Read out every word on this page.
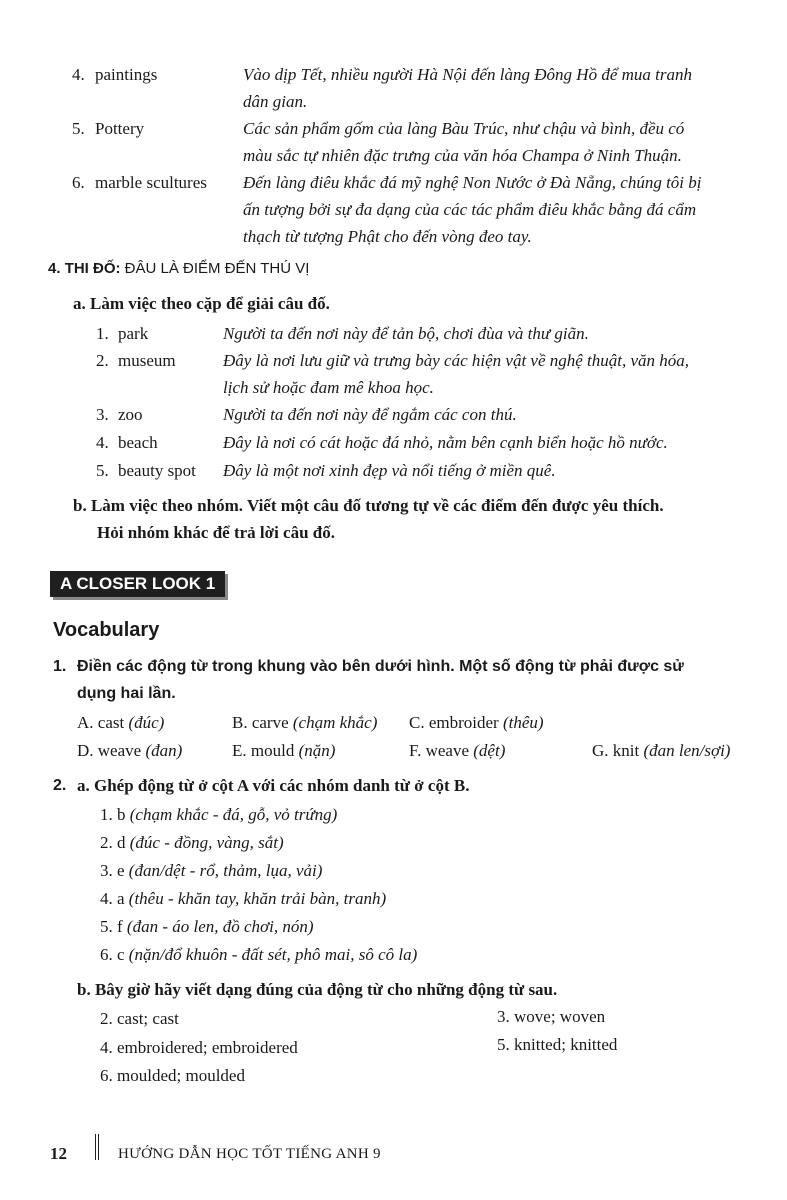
4. paintings	Vào dịp Tết, nhiều người Hà Nội đến làng Đông Hồ để mua tranh
dân gian.
5. Pottery	Các sản phẩm gốm của làng Bàu Trúc, như chậu và bình, đều có
màu sắc tự nhiên đặc trưng của văn hóa Champa ở Ninh Thuận.
6. marble scultures Đến làng điêu khắc đá mỹ nghệ Non Nước ở Đà Nẵng, chúng tôi bị
ấn tượng bởi sự đa dạng của các tác phẩm điêu khắc bằng đá cẩm
thạch từ tượng Phật cho đến vòng đeo tay.
4. THI ĐỐ: ĐÂU LÀ ĐIỂM ĐẾN THÚ VỊ
a. Làm việc theo cặp để giải câu đố.
1. park	Người ta đến nơi này để tản bộ, chơi đùa và thư giãn.
2. museum	Đây là nơi lưu giữ và trưng bày các hiện vật về nghệ thuật, văn hóa,
lịch sử hoặc đam mê khoa học.
3. zoo	Người ta đến nơi này để ngắm các con thú.
4. beach	Đây là nơi có cát hoặc đá nhỏ, nằm bên cạnh biển hoặc hồ nước.
5. beauty spot Đây là một nơi xinh đẹp và nổi tiếng ở miền quê.
b. Làm việc theo nhóm. Viết một câu đố tương tự về các điểm đến được yêu thích.
Hỏi nhóm khác để trả lời câu đố.
A CLOSER LOOK 1
Vocabulary
1. Điền các động từ trong khung vào bên dưới hình. Một số động từ phải được sử
dụng hai lần.
A. cast (đúc)	B. carve (chạm khắc) C. embroider (thêu)
D. weave (đan)	E. mould (nặn)	F. weave (dệt)	G. knit (đan len/sợi)
2. a. Ghép động từ ở cột A với các nhóm danh từ ở cột B.
1. b (chạm khắc - đá, gỗ, vỏ trứng)
2. d (đúc - đồng, vàng, sắt)
3. e (đan/dệt - rổ, thảm, lụa, vải)
4. a (thêu - khăn tay, khăn trải bàn, tranh)
5. f (đan - áo len, đồ chơi, nón)
6. c (nặn/đổ khuôn - đất sét, phô mai, sô cô la)
b. Bây giờ hãy viết dạng đúng của động từ cho những động từ sau.
2. cast; cast	3. wove; woven
4. embroidered; embroidered	5. knitted; knitted
6. moulded; moulded
12	HƯỚNG DẪN HỌC TỐT TIẾNG ANH 9
